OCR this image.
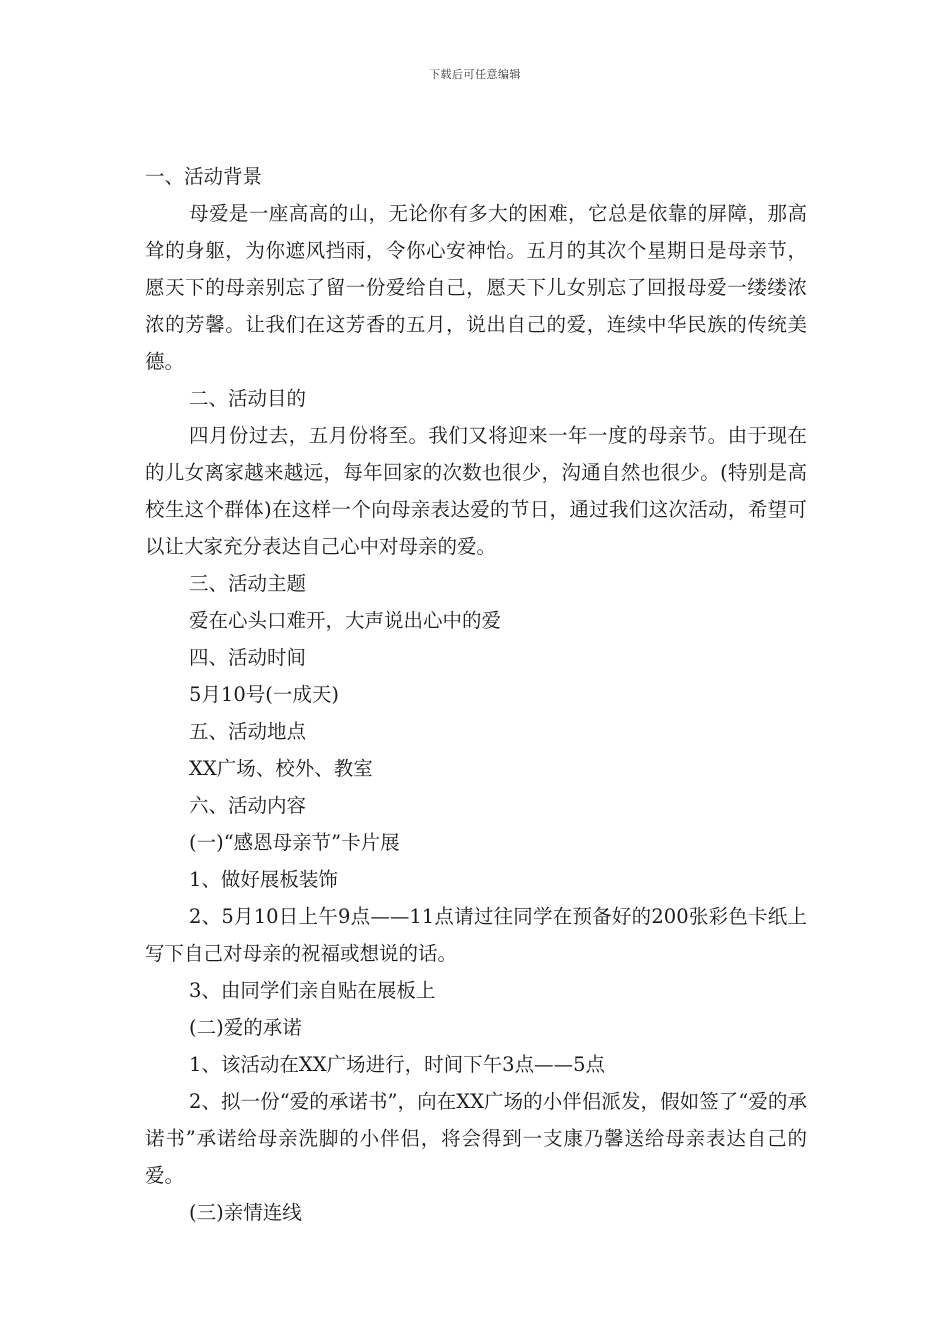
下载后可任意编辑

一、活动背景

母爱是一座高高的山，无论你有多大的困难，它总是依靠的屏障，那高耸的身躯，为你遮风挡雨，令你心安神怡。五月的其次个星期日是母亲节，愿天下的母亲别忘了留一份爱给自己，愿天下儿女别忘了回报母爱一缕缕浓浓的芳馨。让我们在这芳香的五月，说出自己的爱，连续中华民族的传统美德。

二、活动目的

四月份过去，五月份将至。我们又将迎来一年一度的母亲节。由于现在的儿女离家越来越远，每年回家的次数也很少，沟通自然也很少。(特别是高校生这个群体)在这样一个向母亲表达爱的节日，通过我们这次活动，希望可以让大家充分表达自己心中对母亲的爱。

三、活动主题

爱在心头口难开，大声说出心中的爱

四、活动时间

5月10号(一成天)

五、活动地点

XX广场、校外、教室

六、活动内容

(一)“感恩母亲节”卡片展

1、做好展板装饰

2、5月10日上午9点——11点请过往同学在预备好的200张彩色卡纸上写下自己对母亲的祝福或想说的话。

3、由同学们亲自贴在展板上

(二)爱的承诺

1、该活动在XX广场进行，时间下午3点——5点

2、拟一份“爱的承诺书”，向在XX广场的小伴侣派发，假如签了“爱的承诺书”承诺给母亲洗脚的小伴侣，将会得到一支康乃馨送给母亲表达自己的爱。

(三)亲情连线
